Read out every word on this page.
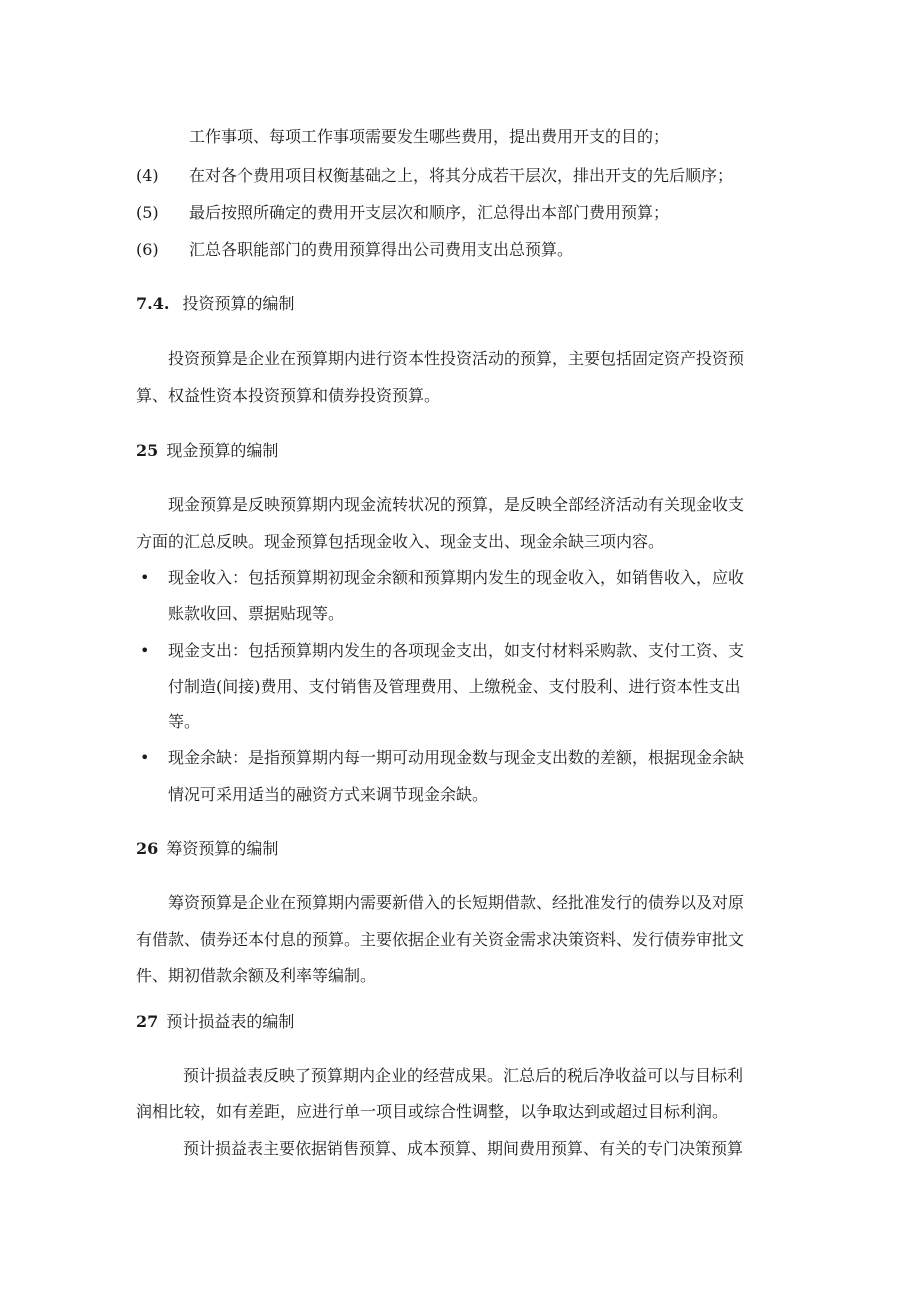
工作事项、每项工作事项需要发生哪些费用，提出费用开支的目的；
(4) 在对各个费用项目权衡基础之上，将其分成若干层次，排出开支的先后顺序；
(5) 最后按照所确定的费用开支层次和顺序，汇总得出本部门费用预算；
(6) 汇总各职能部门的费用预算得出公司费用支出总预算。
7.4. 投资预算的编制
投资预算是企业在预算期内进行资本性投资活动的预算，主要包括固定资产投资预
算、权益性资本投资预算和债券投资预算。
25 现金预算的编制
现金预算是反映预算期内现金流转状况的预算，是反映全部经济活动有关现金收支
方面的汇总反映。现金预算包括现金收入、现金支出、现金余缺三项内容。
• 现金收入：包括预算期初现金余额和预算期内发生的现金收入，如销售收入，应收
账款收回、票据贴现等。
• 现金支出：包括预算期内发生的各项现金支出，如支付材料采购款、支付工资、支
付制造(间接)费用、支付销售及管理费用、上缴税金、支付股利、进行资本性支出
等。
• 现金余缺：是指预算期内每一期可动用现金数与现金支出数的差额，根据现金余缺
情况可采用适当的融资方式来调节现金余缺。
26 筹资预算的编制
筹资预算是企业在预算期内需要新借入的长短期借款、经批准发行的债券以及对原
有借款、债券还本付息的预算。主要依据企业有关资金需求决策资料、发行债券审批文
件、期初借款余额及利率等编制。
27 预计损益表的编制
预计损益表反映了预算期内企业的经营成果。汇总后的税后净收益可以与目标利
润相比较，如有差距，应进行单一项目或综合性调整，以争取达到或超过目标利润。
预计损益表主要依据销售预算、成本预算、期间费用预算、有关的专门决策预算
